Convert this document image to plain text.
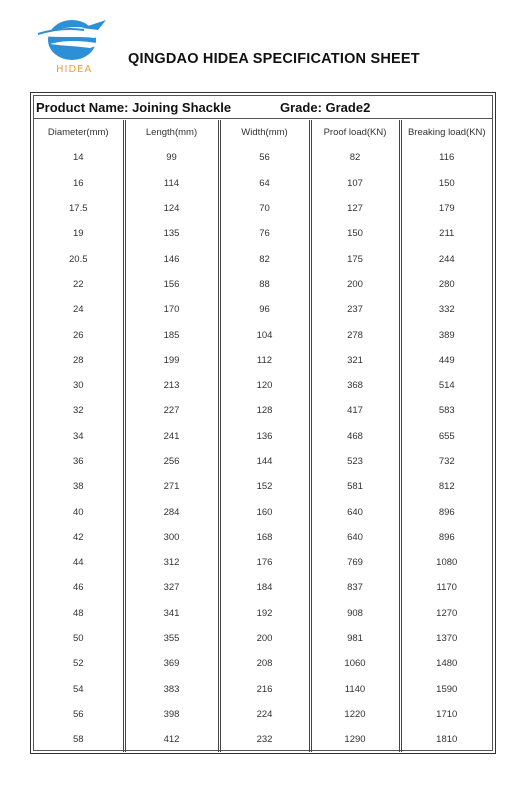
HIDEA
QINGDAO HIDEA SPECIFICATION SHEET
Product Name: Joining Shackle	Grade: Grade2
Diameter(mm)	Length(mm)	Width(mm)	Proof load(KN)	Breaking load(KN)
14	99	56	82	116
16	114	64	107	150
17.5	124	70	127	179
19	135	76	150	211
20.5	146	82	175	244
22	156	88	200	280
24	170	96	237	332
26	185	104	278	389
28	199	112	321	449
30	213	120	368	514
32	227	128	417	583
34	241	136	468	655
36	256	144	523	732
38	271	152	581	812
40	284	160	640	896
42	300	168	640	896
44	312	176	769	1080
46	327	184	837	1170
48	341	192	908	1270
50	355	200	981	1370
52	369	208	1060	1480
54	383	216	1140	1590
56	398	224	1220	1710
58	412	232	1290	1810
